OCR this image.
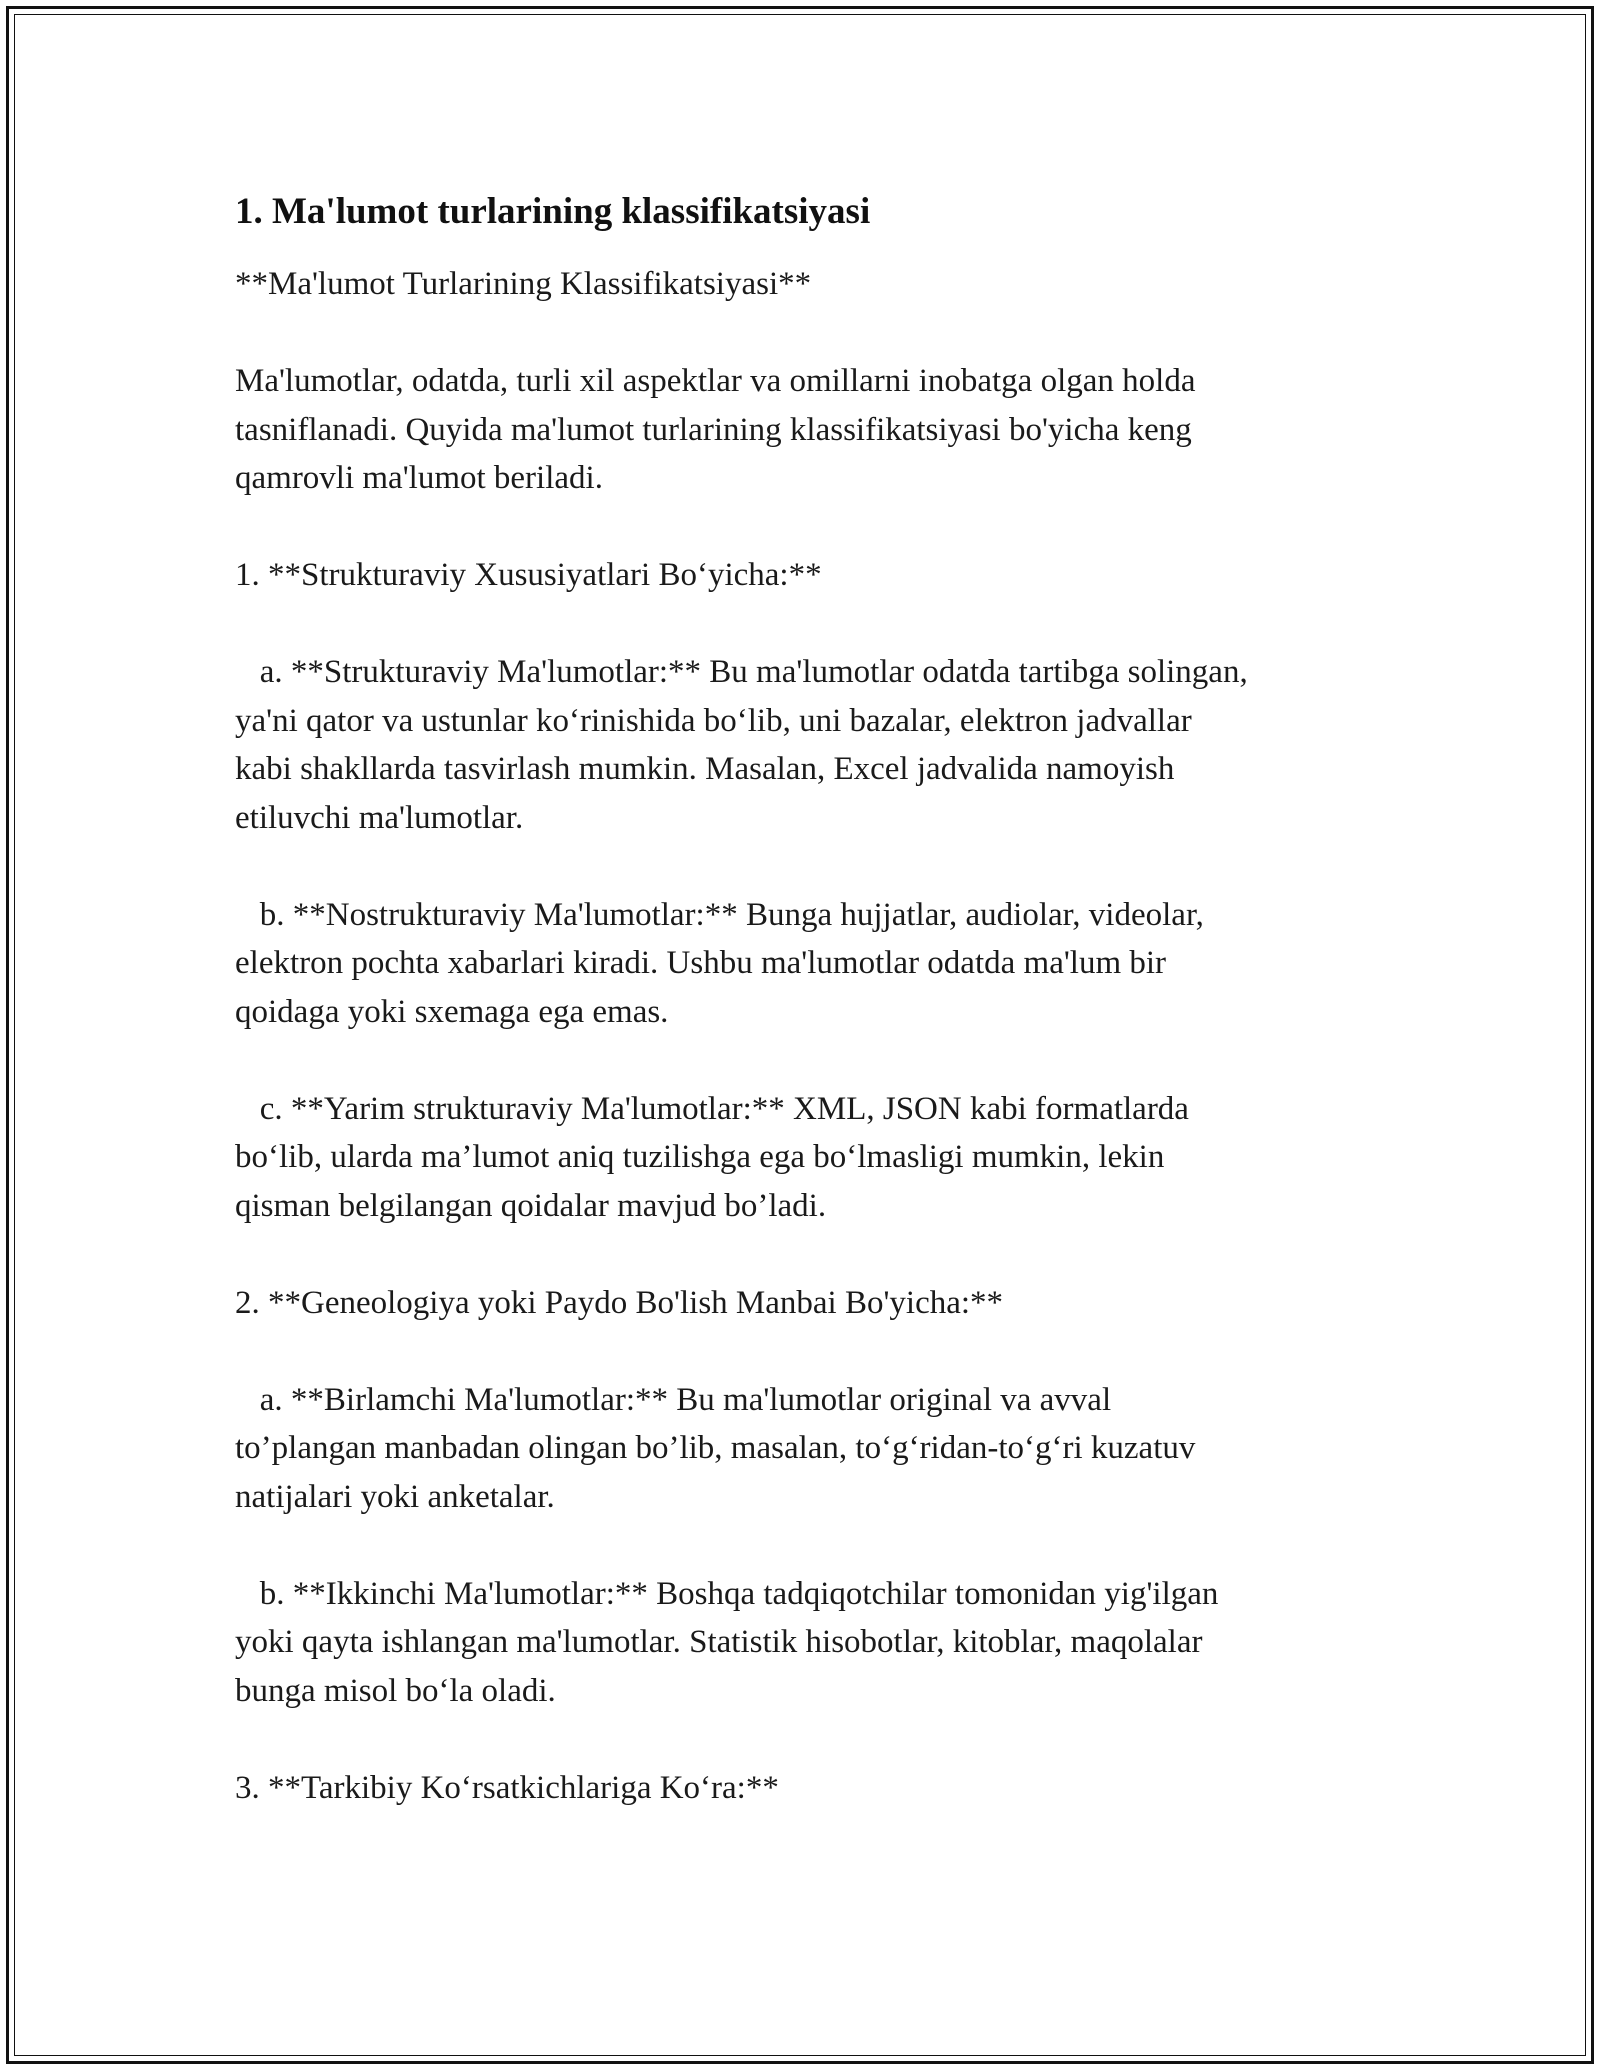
1. Ma'lumot turlarining klassifikatsiyasi

**Ma'lumot Turlarining Klassifikatsiyasi**

Ma'lumotlar, odatda, turli xil aspektlar va omillarni inobatga olgan holda
tasniflanadi. Quyida ma'lumot turlarining klassifikatsiyasi bo'yicha keng
qamrovli ma'lumot beriladi.

1. **Strukturaviy Xususiyatlari Bo‘yicha:**

a. **Strukturaviy Ma'lumotlar:** Bu ma'lumotlar odatda tartibga solingan,
ya'ni qator va ustunlar ko‘rinishida bo‘lib, uni bazalar, elektron jadvallar
kabi shakllarda tasvirlash mumkin. Masalan, Excel jadvalida namoyish
etiluvchi ma'lumotlar.

b. **Nostrukturaviy Ma'lumotlar:** Bunga hujjatlar, audiolar, videolar,
elektron pochta xabarlari kiradi. Ushbu ma'lumotlar odatda ma'lum bir
qoidaga yoki sxemaga ega emas.

c. **Yarim strukturaviy Ma'lumotlar:** XML, JSON kabi formatlarda
bo‘lib, ularda ma’lumot aniq tuzilishga ega bo‘lmasligi mumkin, lekin
qisman belgilangan qoidalar mavjud bo’ladi.

2. **Geneologiya yoki Paydo Bo'lish Manbai Bo'yicha:**

a. **Birlamchi Ma'lumotlar:** Bu ma'lumotlar original va avval
to’plangan manbadan olingan bo’lib, masalan, to‘g‘ridan-to‘g‘ri kuzatuv
natijalari yoki anketalar.

b. **Ikkinchi Ma'lumotlar:** Boshqa tadqiqotchilar tomonidan yig'ilgan
yoki qayta ishlangan ma'lumotlar. Statistik hisobotlar, kitoblar, maqolalar
bunga misol bo‘la oladi.

3. **Tarkibiy Ko‘rsatkichlariga Ko‘ra:**
